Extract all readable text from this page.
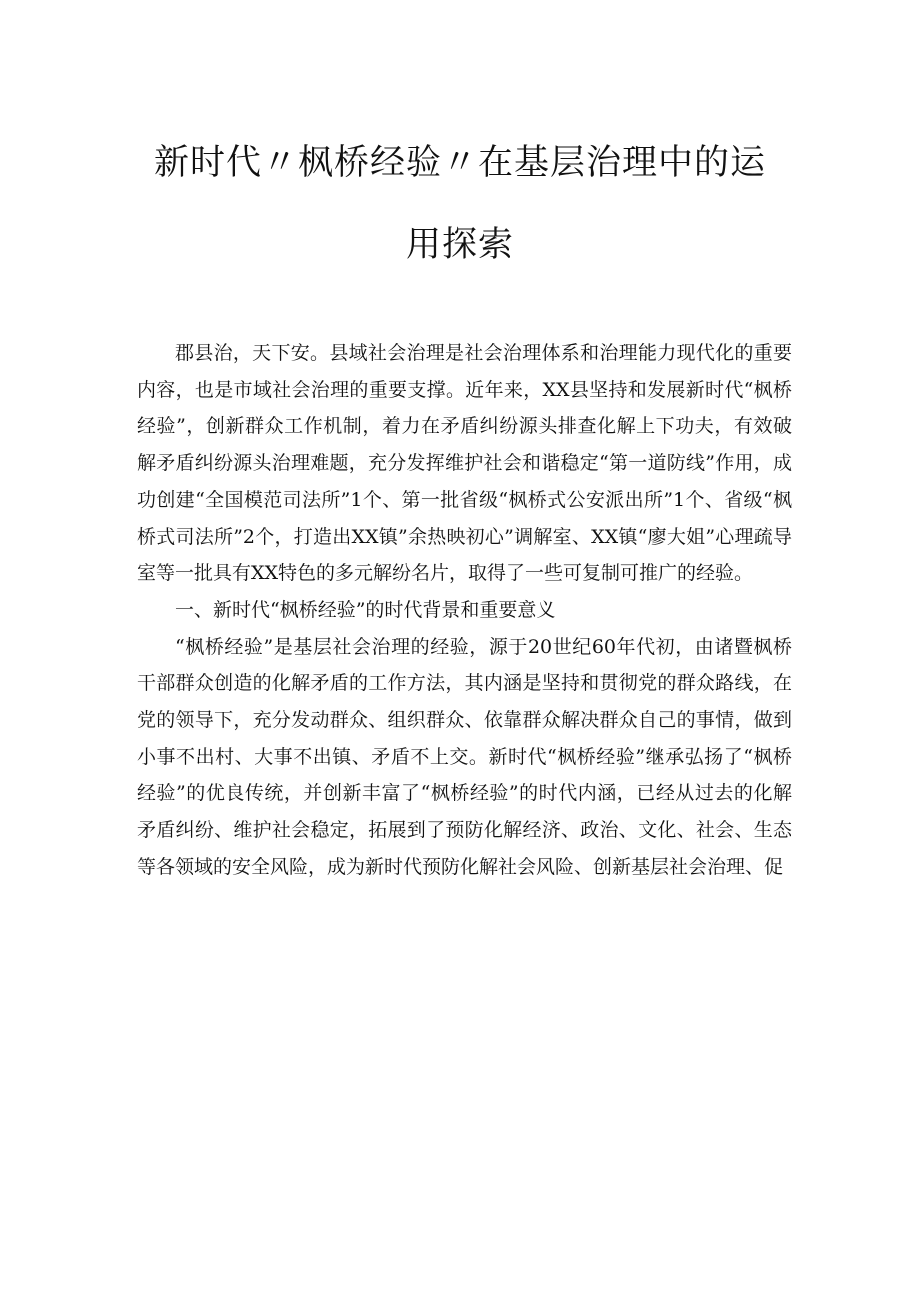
新时代〃枫桥经验〃在基层治理中的运
用探索

郡县治，天下安。县域社会治理是社会治理体系和治理能力现代化的重要内容，也是市域社会治理的重要支撑。近年来，XX县坚持和发展新时代“枫桥经验”，创新群众工作机制，着力在矛盾纠纷源头排查化解上下功夫，有效破解矛盾纠纷源头治理难题，充分发挥维护社会和谐稳定“第一道防线”作用，成功创建“全国模范司法所”1个、第一批省级“枫桥式公安派出所”1个、省级“枫桥式司法所”2个，打造出XX镇”余热映初心”调解室、XX镇“廖大姐”心理疏导室等一批具有XX特色的多元解纷名片，取得了一些可复制可推广的经验。

一、新时代“枫桥经验”的时代背景和重要意义

“枫桥经验”是基层社会治理的经验，源于20世纪60年代初，由诸暨枫桥干部群众创造的化解矛盾的工作方法，其内涵是坚持和贯彻党的群众路线，在党的领导下，充分发动群众、组织群众、依靠群众解决群众自己的事情，做到小事不出村、大事不出镇、矛盾不上交。新时代“枫桥经验”继承弘扬了“枫桥经验”的优良传统，并创新丰富了“枫桥经验”的时代内涵，已经从过去的化解矛盾纠纷、维护社会稳定，拓展到了预防化解经济、政治、文化、社会、生态等各领域的安全风险，成为新时代预防化解社会风险、创新基层社会治理、促
